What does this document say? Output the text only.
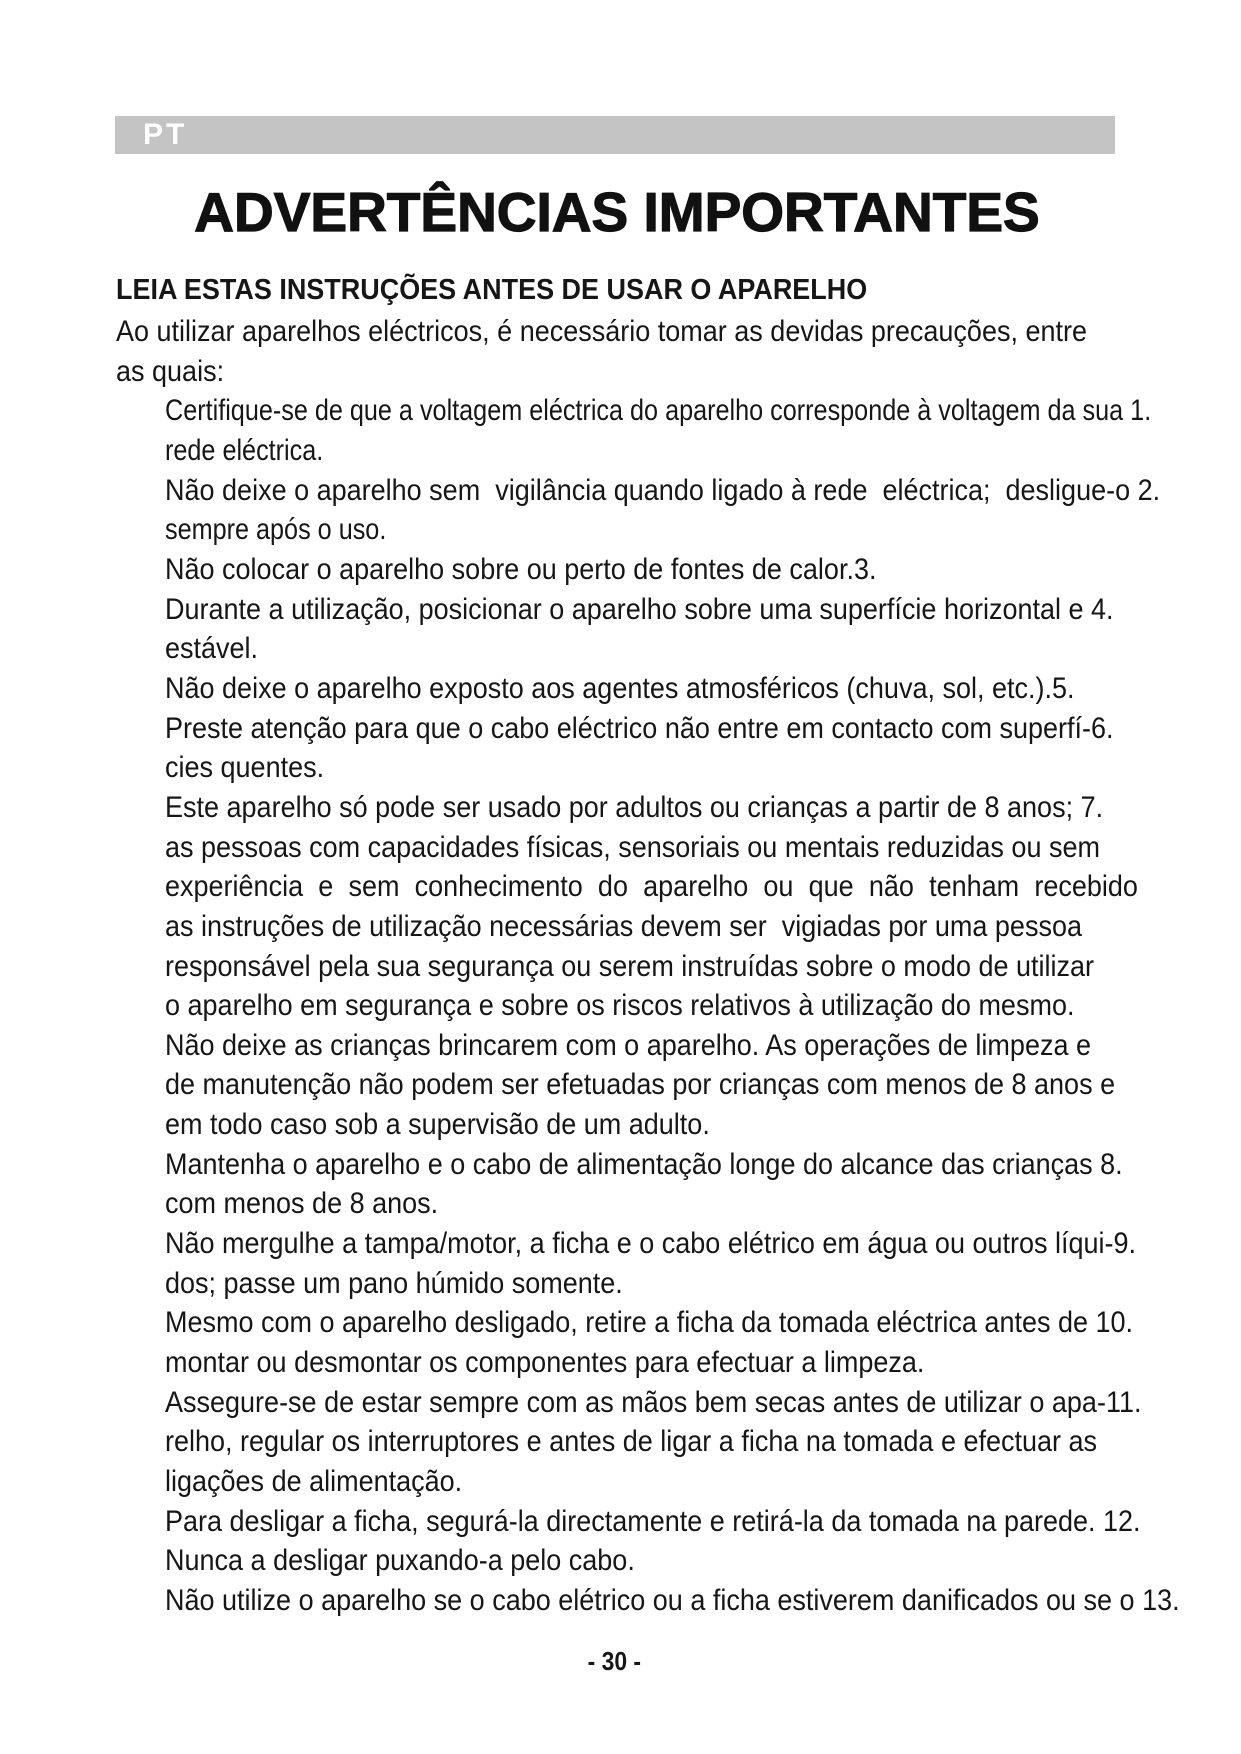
PT
ADVERTÊNCIAS IMPORTANTES
LEIA ESTAS INSTRUÇÕES ANTES DE USAR O APARELHO
Ao utilizar aparelhos eléctricos, é necessário tomar as devidas precauções, entre
as quais:
Certifique-se de que a voltagem eléctrica do aparelho corresponde à voltagem da sua 1.
rede eléctrica.
Não deixe o aparelho sem  vigilância quando ligado à rede  eléctrica;  desligue-o 2.
sempre após o uso.
Não colocar o aparelho sobre ou perto de fontes de calor.3.
Durante a utilização, posicionar o aparelho sobre uma superfície horizontal e 4.
estável.
Não deixe o aparelho exposto aos agentes atmosféricos (chuva, sol, etc.).5.
Preste atenção para que o cabo eléctrico não entre em contacto com superfí-6.
cies quentes.
Este aparelho só pode ser usado por adultos ou crianças a partir de 8 anos; 7.
as pessoas com capacidades físicas, sensoriais ou mentais reduzidas ou sem
experiência e sem conhecimento do aparelho ou que não tenham recebido
as instruções de utilização necessárias devem ser  vigiadas por uma pessoa
responsável pela sua segurança ou serem instruídas sobre o modo de utilizar
o aparelho em segurança e sobre os riscos relativos à utilização do mesmo.
Não deixe as crianças brincarem com o aparelho. As operações de limpeza e
de manutenção não podem ser efetuadas por crianças com menos de 8 anos e
em todo caso sob a supervisão de um adulto.
Mantenha o aparelho e o cabo de alimentação longe do alcance das crianças 8.
com menos de 8 anos.
Não mergulhe a tampa/motor, a ficha e o cabo elétrico em água ou outros líqui-9.
dos; passe um pano húmido somente.
Mesmo com o aparelho desligado, retire a ficha da tomada eléctrica antes de 10.
montar ou desmontar os componentes para efectuar a limpeza.
Assegure-se de estar sempre com as mãos bem secas antes de utilizar o apa-11.
relho, regular os interruptores e antes de ligar a ficha na tomada e efectuar as
ligações de alimentação.
Para desligar a ficha, segurá-la directamente e retirá-la da tomada na parede. 12.
Nunca a desligar puxando-a pelo cabo.
Não utilize o aparelho se o cabo elétrico ou a ficha estiverem danificados ou se o 13.
- 30 -
